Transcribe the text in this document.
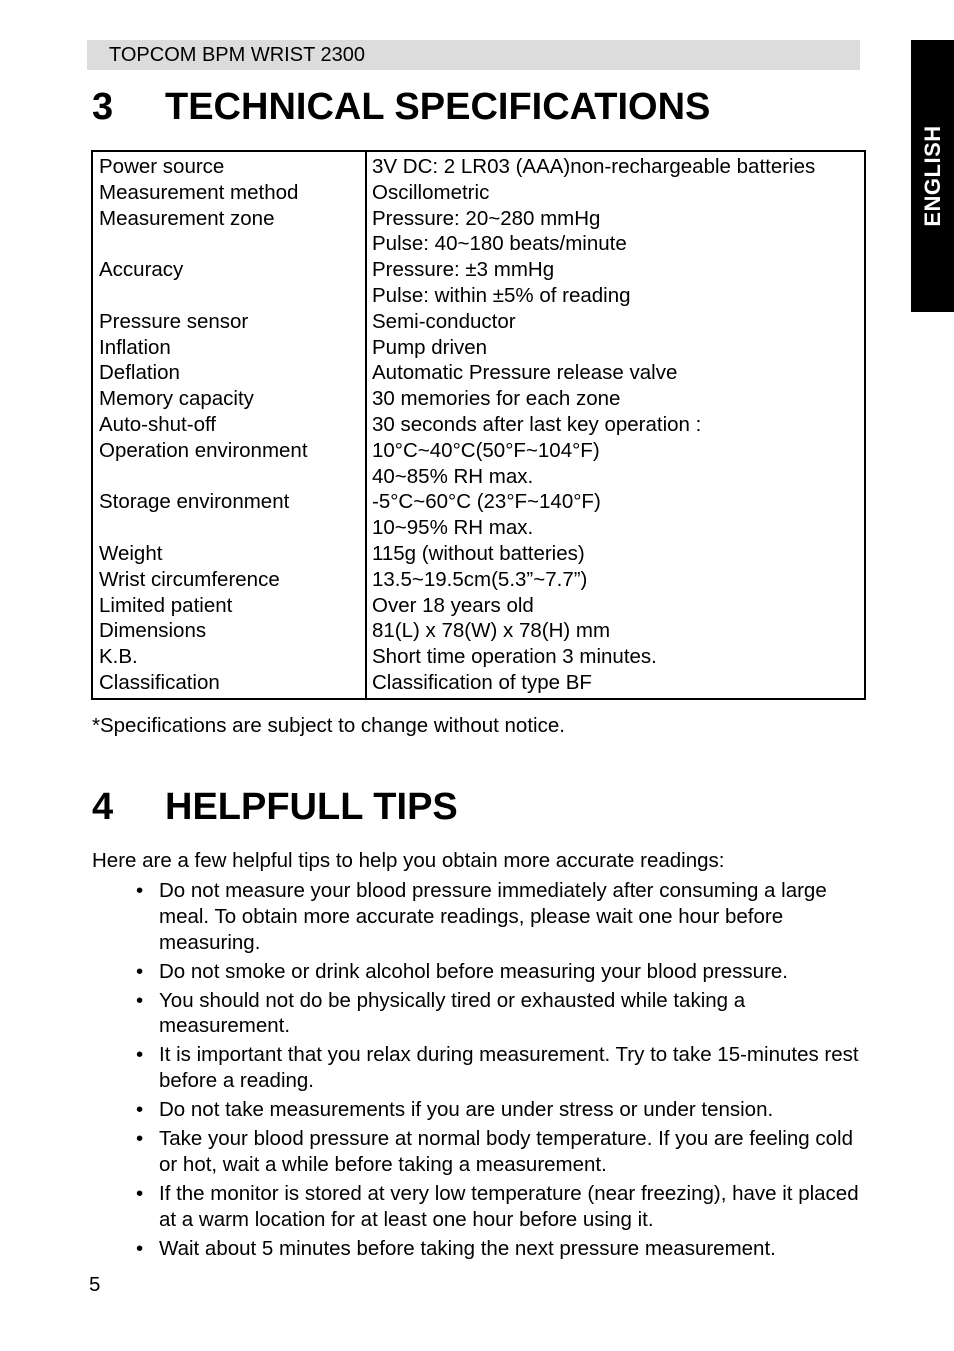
TOPCOM BPM WRIST 2300
ENGLISH
3 TECHNICAL SPECIFICATIONS
Power source
Measurement method
Measurement zone
Accuracy
Pressure sensor
Inflation
Deflation
Memory capacity
Auto-shut-off
Operation environment
Storage environment
Weight
Wrist circumference
Limited patient
Dimensions
K.B.
Classification
3V DC: 2 LR03 (AAA)non-rechargeable batteries
Oscillometric
Pressure: 20~280 mmHg
Pulse: 40~180 beats/minute
Pressure: ±3 mmHg
Pulse: within ±5% of reading
Semi-conductor
Pump driven
Automatic Pressure release valve
30 memories for each zone
30 seconds after last key operation :
10°C~40°C(50°F~104°F)
40~85% RH max.
-5°C~60°C (23°F~140°F)
10~95% RH max.
115g (without batteries)
13.5~19.5cm(5.3”~7.7”)
Over 18 years old
81(L) x 78(W) x 78(H) mm
Short time operation 3 minutes.
Classification of type BF
*Specifications are subject to change without notice.
4 HELPFULL TIPS
Here are a few helpful tips to help you obtain more accurate readings:
• Do not measure your blood pressure immediately after consuming a large meal. To obtain more accurate readings, please wait one hour before measuring.
• Do not smoke or drink alcohol before measuring your blood pressure.
• You should not do be physically tired or exhausted while taking a measurement.
• It is important that you relax during measurement. Try to take 15-minutes rest before a reading.
• Do not take measurements if you are under stress or under tension.
• Take your blood pressure at normal body temperature. If you are feeling cold or hot, wait a while before taking a measurement.
• If the monitor is stored at very low temperature (near freezing), have it placed at a warm location for at least one hour before using it.
• Wait about 5 minutes before taking the next pressure measurement.
5
